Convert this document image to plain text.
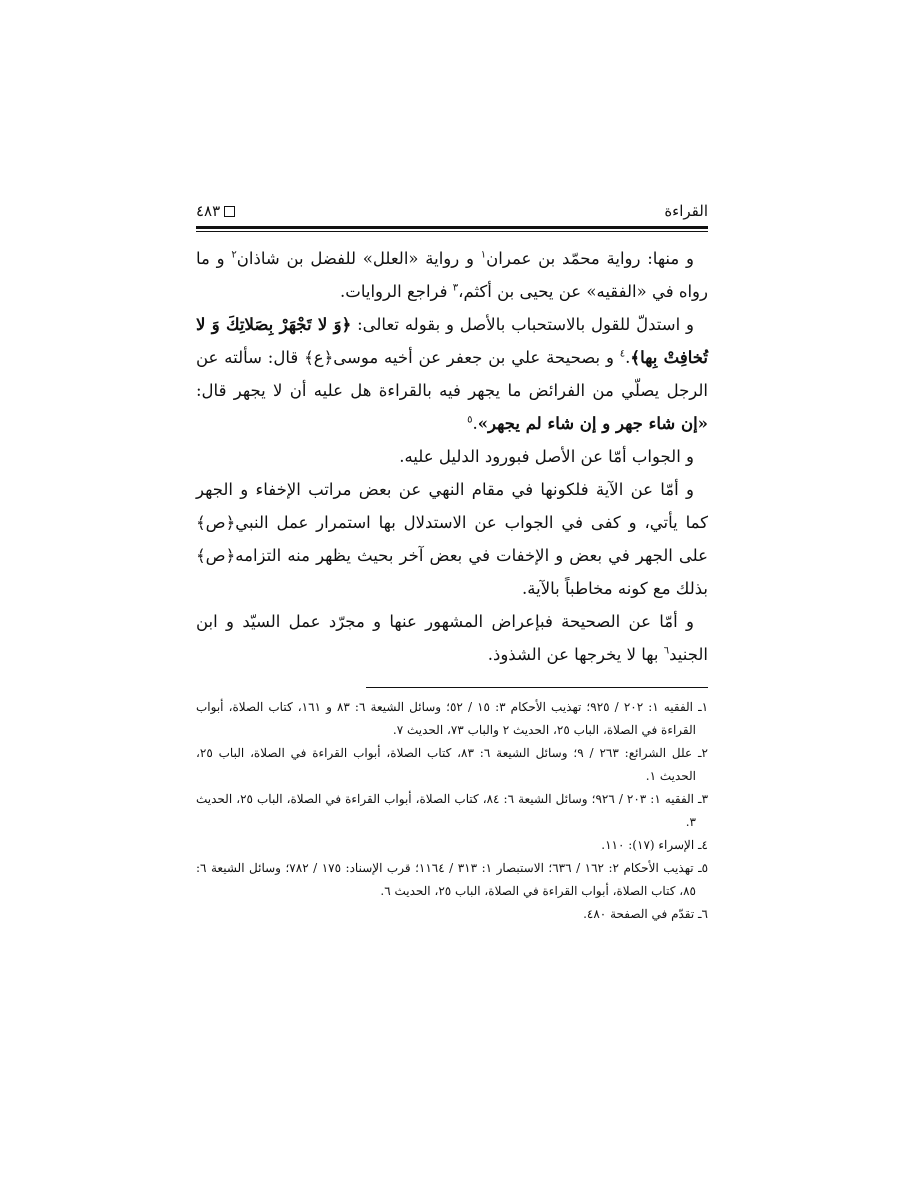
القراءة
٤٨٣

و منها: رواية محمّد بن عمران$^١$ و رواية «العلل» للفضل بن شاذان$^٢$ و ما رواه في «الفقيه» عن يحيى بن أكثم،$^٣$ فراجع الروايات.

و استدلّ للقول بالاستحباب بالأصل و بقوله تعالى: ﴿وَ لا تَجْهَرْ بِصَلاتِكَ وَ لا تُخافِتْ بِها﴾.$^٤$ و بصحيحة علي بن جعفر عن أخيه موسى﴿ع﴾ قال: سألته عن الرجل يصلّي من الفرائض ما يجهر فيه بالقراءة هل عليه أن لا يجهر قال: «إن شاء جهر و إن شاء لم يجهر».$^٥$

و الجواب أمّا عن الأصل فبورود الدليل عليه.

و أمّا عن الآية فلكونها في مقام النهي عن بعض مراتب الإخفاء و الجهر كما يأتي، و كفى في الجواب عن الاستدلال بها استمرار عمل النبي﴿ص﴾ على الجهر في بعض و الإخفات في بعض آخر بحيث يظهر منه التزامه﴿ص﴾ بذلك مع كونه مخاطباً بالآية.

و أمّا عن الصحيحة فبإعراض المشهور عنها و مجرّد عمل السيّد و ابن الجنيد$^٦$ بها لا يخرجها عن الشذوذ.

١ـ الفقيه ١: ٢٠٢ / ٩٢٥؛ تهذيب الأحكام ٣: ١٥ / ٥٢؛ وسائل الشيعة ٦: ٨٣ و ١٦١، كتاب الصلاة، أبواب القراءة في الصلاة، الباب ٢٥، الحديث ٢ والباب ٧٣، الحديث ٧.

٢ـ علل الشرائع: ٢٦٣ / ٩؛ وسائل الشيعة ٦: ٨٣، كتاب الصلاة، أبواب القراءة في الصلاة، الباب ٢٥، الحديث ١.

٣ـ الفقيه ١: ٢٠٣ / ٩٢٦؛ وسائل الشيعة ٦: ٨٤، كتاب الصلاة، أبواب القراءة في الصلاة، الباب ٢٥، الحديث ٣.

٤ـ الإسراء (١٧): ١١٠.

٥ـ تهذيب الأحكام ٢: ١٦٢ / ٦٣٦؛ الاستبصار ١: ٣١٣ / ١١٦٤؛ قرب الإسناد: ١٧٥ / ٧٨٢؛ وسائل الشيعة ٦: ٨٥، كتاب الصلاة، أبواب القراءة في الصلاة، الباب ٢٥، الحديث ٦.

٦ـ تقدّم في الصفحة ٤٨٠.
